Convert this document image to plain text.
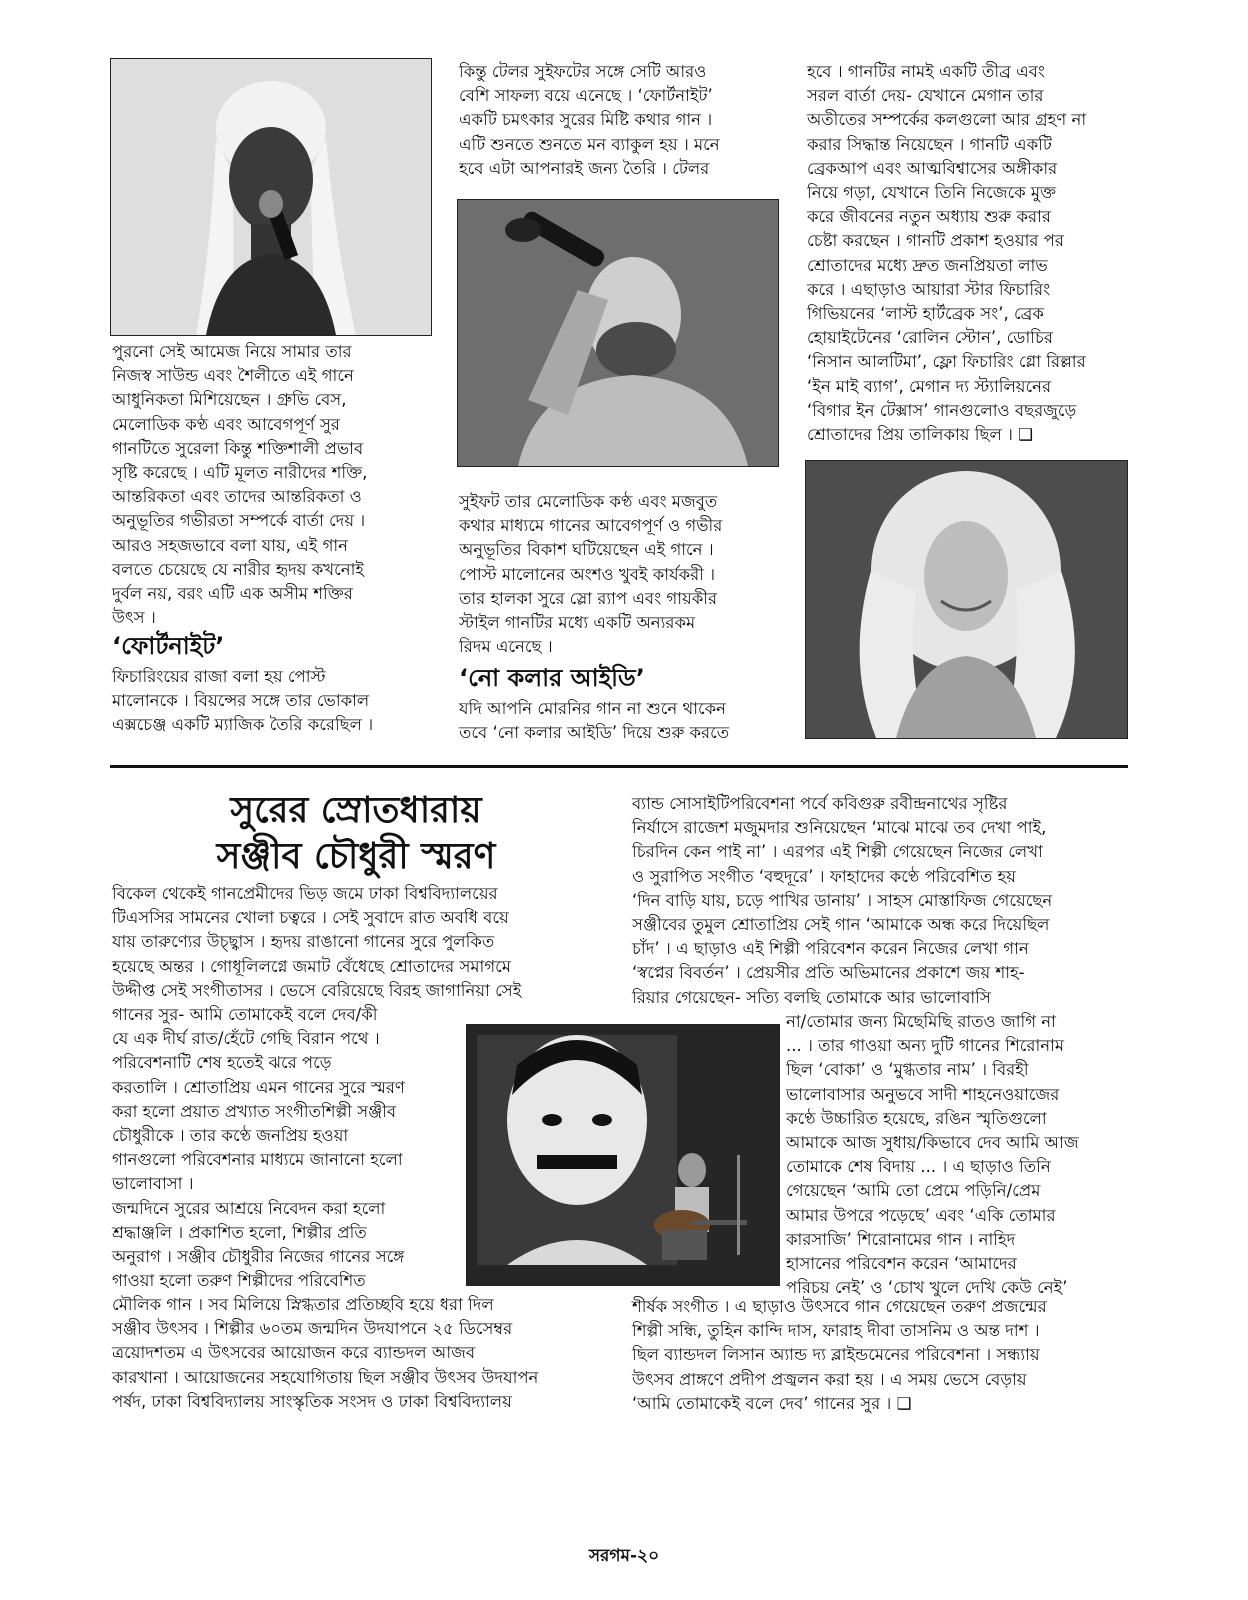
পুরনো সেই আমেজ নিয়ে সামার তার
নিজস্ব সাউন্ড এবং শৈলীতে এই গানে
আধুনিকতা মিশিয়েছেন । গ্রুভি বেস,
মেলোডিক কণ্ঠ এবং আবেগপূর্ণ সুর
গানটিতে সুরেলা কিন্তু শক্তিশালী প্রভাব
সৃষ্টি করেছে । এটি মূলত নারীদের শক্তি,
আন্তরিকতা এবং তাদের আন্তরিকতা ও
অনুভূতির গভীরতা সম্পর্কে বার্তা দেয় ।
আরও সহজভাবে বলা যায়, এই গান
বলতে চেয়েছে যে নারীর হৃদয় কখনোই
দুর্বল নয়, বরং এটি এক অসীম শক্তির
উৎস ।

‘ফোর্টনাইট’

ফিচারিংয়ের রাজা বলা হয় পোস্ট
মালোনকে । বিয়ন্সের সঙ্গে তার ভোকাল
এক্সচেঞ্জ একটি ম্যাজিক তৈরি করেছিল ।

কিন্তু টেলর সুইফটের সঙ্গে সেটি আরও
বেশি সাফল্য বয়ে এনেছে । ‘ফোর্টনাইট’
একটি চমৎকার সুরের মিষ্টি কথার গান ।
এটি শুনতে শুনতে মন ব্যাকুল হয় । মনে
হবে এটা আপনারই জন্য তৈরি । টেলর

সুইফট তার মেলোডিক কণ্ঠ এবং মজবুত
কথার মাধ্যমে গানের আবেগপূর্ণ ও গভীর
অনুভূতির বিকাশ ঘটিয়েছেন এই গানে ।
পোস্ট মালোনের অংশও খুবই কার্যকরী ।
তার হালকা সুরে স্লো র‌্যাপ এবং গায়কীর
স্টাইল গানটির মধ্যে একটি অন্যরকম
রিদম এনেছে ।

‘নো কলার আইডি’

যদি আপনি মোরনির গান না শুনে থাকেন
তবে ‘নো কলার আইডি’ দিয়ে শুরু করতে

হবে । গানটির নামই একটি তীব্র এবং
সরল বার্তা দেয়- যেখানে মেগান তার
অতীতের সম্পর্কের কলগুলো আর গ্রহণ না
করার সিদ্ধান্ত নিয়েছেন । গানটি একটি
ব্রেকআপ এবং আত্মবিশ্বাসের অঙ্গীকার
নিয়ে গড়া, যেখানে তিনি নিজেকে মুক্ত
করে জীবনের নতুন অধ্যায় শুরু করার
চেষ্টা করছেন । গানটি প্রকাশ হওয়ার পর
শ্রোতাদের মধ্যে দ্রুত জনপ্রিয়তা লাভ
করে । এছাড়াও আয়ারা স্টার ফিচারিং
গিভিয়নের ‘লাস্ট হার্টব্রেক সং’, ব্রেক
হোয়াইটেনের ‘রোলিন স্টোন’, ডোচির
‘নিসান আলটিমা’, ফ্লো ফিচারিং গ্লো রিল্লার
‘ইন মাই ব্যাগ’, মেগান দ্য স্ট্যালিয়নের
‘বিগার ইন টেক্সাস’ গানগুলোও বছরজুড়ে
শ্রোতাদের প্রিয় তালিকায় ছিল । ❑

সুরের স্রোতধারায়

সঞ্জীব চৌধুরী স্মরণ

বিকেল থেকেই গানপ্রেমীদের ভিড় জমে ঢাকা বিশ্ববিদ্যালয়ের
টিএসসির সামনের খোলা চত্বরে । সেই সুবাদে রাত অবধি বয়ে
যায় তারুণ্যের উচ্ছ্বাস । হৃদয় রাঙানো গানের সুরে পুলকিত
হয়েছে অন্তর । গোধূলিলগ্নে জমাট বেঁধেছে শ্রোতাদের সমাগমে
উদ্দীপ্ত সেই সংগীতাসর । ভেসে বেরিয়েছে বিরহ জাগানিয়া সেই

গানের সুর- আমি তোমাকেই বলে দেব/কী
যে এক দীর্ঘ রাত/হেঁটে গেছি বিরান পথে ।
পরিবেশনাটি শেষ হতেই ঝরে পড়ে
করতালি । শ্রোতাপ্রিয় এমন গানের সুরে স্মরণ
করা হলো প্রয়াত প্রখ্যাত সংগীতশিল্পী সঞ্জীব
চৌধুরীকে । তার কণ্ঠে জনপ্রিয় হওয়া
গানগুলো পরিবেশনার মাধ্যমে জানানো হলো
ভালোবাসা ।
জন্মদিনে সুরের আশ্রয়ে নিবেদন করা হলো
শ্রদ্ধাঞ্জলি । প্রকাশিত হলো, শিল্পীর প্রতি
অনুরাগ । সঞ্জীব চৌধুরীর নিজের গানের সঙ্গে
গাওয়া হলো তরুণ শিল্পীদের পরিবেশিত

মৌলিক গান । সব মিলিয়ে স্নিগ্ধতার প্রতিচ্ছবি হয়ে ধরা দিল
সঞ্জীব উৎসব । শিল্পীর ৬০তম জন্মদিন উদযাপনে ২৫ ডিসেম্বর
ত্রয়োদশতম এ উৎসবের আয়োজন করে ব্যান্ডদল আজব
কারখানা । আয়োজনের সহযোগিতায় ছিল সঞ্জীব উৎসব উদযাপন
পর্ষদ, ঢাকা বিশ্ববিদ্যালয় সাংস্কৃতিক সংসদ ও ঢাকা বিশ্ববিদ্যালয়

ব্যান্ড সোসাইটিপরিবেশনা পর্বে কবিগুরু রবীন্দ্রনাথের সৃষ্টির
নির্যাসে রাজেশ মজুমদার শুনিয়েছেন ‘মাঝে মাঝে তব দেখা পাই,
চিরদিন কেন পাই না’ । এরপর এই শিল্পী গেয়েছেন নিজের লেখা
ও সুরাপিত সংগীত ‘বহুদূরে’ । ফাহাদের কণ্ঠে পরিবেশিত হয়
‘দিন বাড়ি যায়, চড়ে পাখির ডানায়’ । সাহস মোস্তাফিজ গেয়েছেন
সঞ্জীবের তুমুল শ্রোতাপ্রিয় সেই গান ‘আমাকে অন্ধ করে দিয়েছিল
চাঁদ’ । এ ছাড়াও এই শিল্পী পরিবেশন করেন নিজের লেখা গান
‘স্বপ্নের বিবর্তন’ । প্রেয়সীর প্রতি অভিমানের প্রকাশে জয় শাহ-
রিয়ার গেয়েছেন- সত্যি বলছি তোমাকে আর ভালোবাসি

না/তোমার জন্য মিছেমিছি রাতও জাগি না
... । তার গাওয়া অন্য দুটি গানের শিরোনাম
ছিল ‘বোকা’ ও ‘মুগ্ধতার নাম’ । বিরহী
ভালোবাসার অনুভবে সাদী শাহনেওয়াজের
কণ্ঠে উচ্চারিত হয়েছে, রঙিন স্মৃতিগুলো
আমাকে আজ সুধায়/কিভাবে দেব আমি আজ
তোমাকে শেষ বিদায় ... । এ ছাড়াও তিনি
গেয়েছেন ‘আমি তো প্রেমে পড়িনি/প্রেম
আমার উপরে পড়েছে’ এবং ‘একি তোমার
কারসাজি’ শিরোনামের গান । নাহিদ
হাসানের পরিবেশন করেন ‘আমাদের
পরিচয় নেই’ ও ‘চোখ খুলে দেখি কেউ নেই’

শীর্ষক সংগীত । এ ছাড়াও উৎসবে গান গেয়েছেন তরুণ প্রজন্মের
শিল্পী সন্ধি, তুহিন কান্দি দাস, ফারাহ দীবা তাসনিম ও অন্ত দাশ ।
ছিল ব্যান্ডদল লিসান অ্যান্ড দ্য ব্লাইন্ডমেনের পরিবেশনা । সন্ধ্যায়
উৎসব প্রাঙ্গণে প্রদীপ প্রজ্বলন করা হয় । এ সময় ভেসে বেড়ায়
‘আমি তোমাকেই বলে দেব’ গানের সুর । ❑

সরগম-২০
